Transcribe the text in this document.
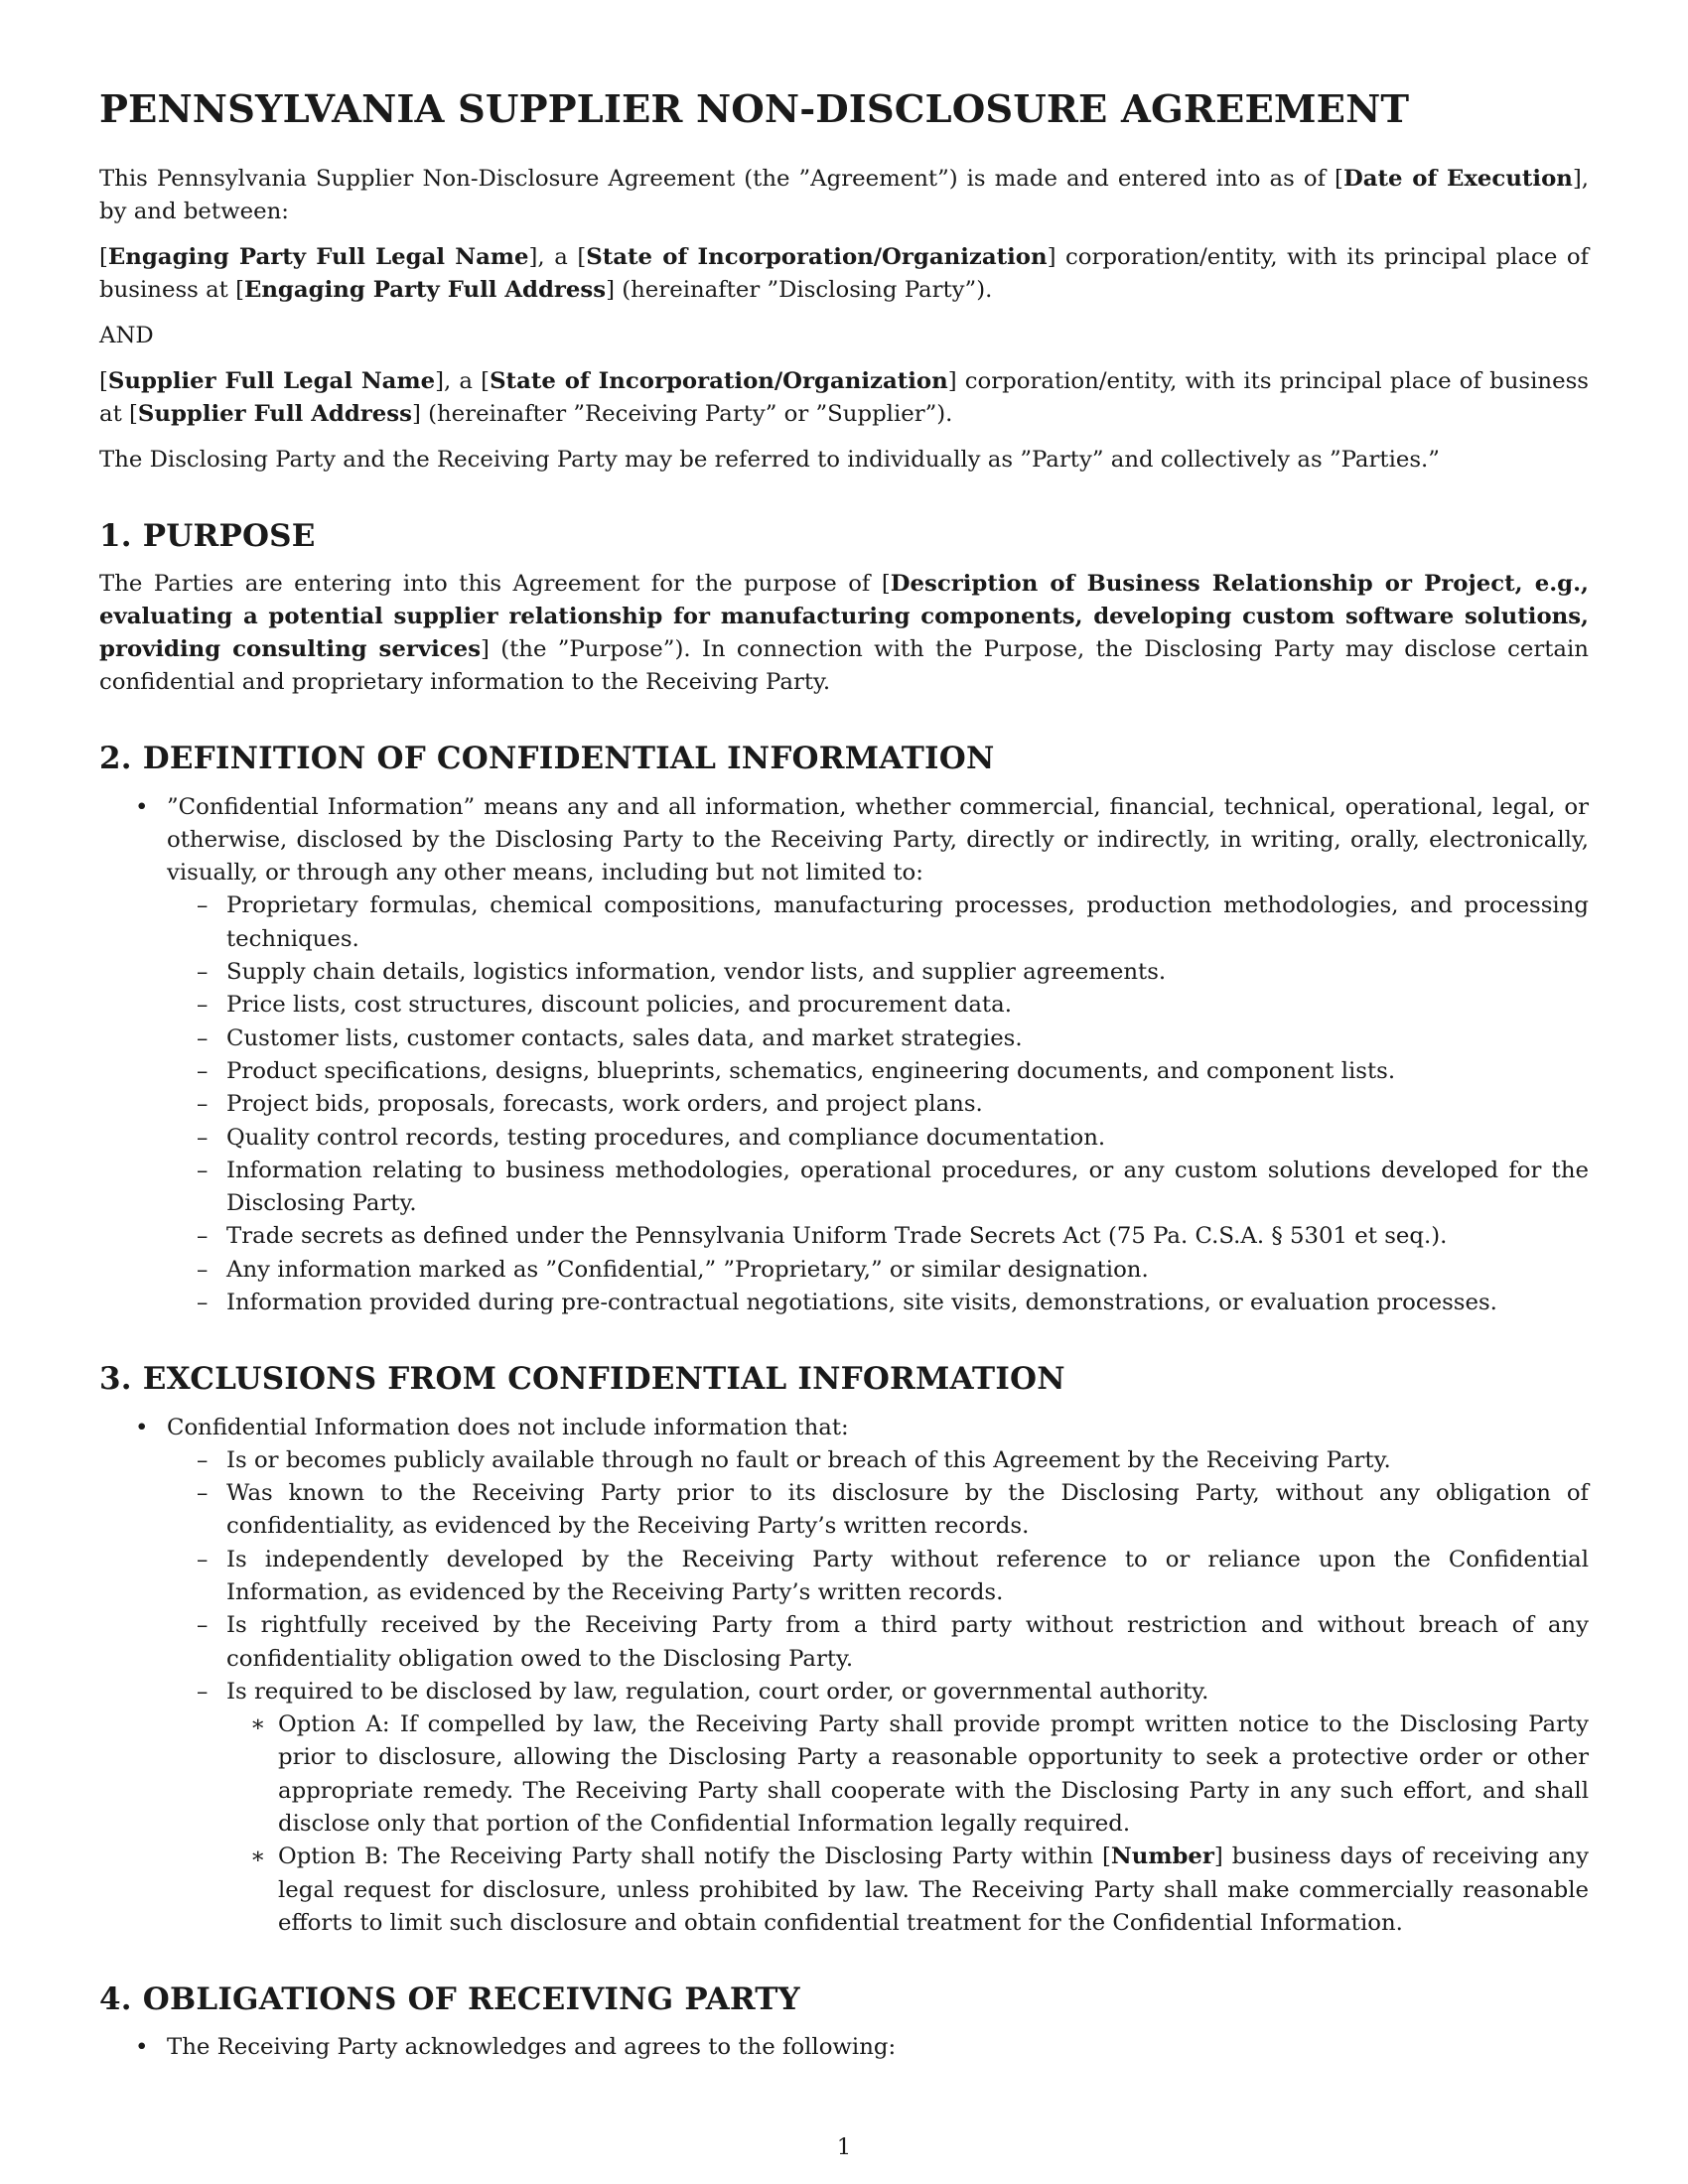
PENNSYLVANIA SUPPLIER NON-DISCLOSURE AGREEMENT

This Pennsylvania Supplier Non-Disclosure Agreement (the ”Agreement”) is made and entered into as of [Date of Execution], by and between:

[Engaging Party Full Legal Name], a [State of Incorporation/Organization] corporation/entity, with its principal place of business at [Engaging Party Full Address] (hereinafter ”Disclosing Party”).

AND

[Supplier Full Legal Name], a [State of Incorporation/Organization] corporation/entity, with its principal place of business at [Supplier Full Address] (hereinafter ”Receiving Party” or ”Supplier”).

The Disclosing Party and the Receiving Party may be referred to individually as ”Party” and collectively as ”Parties.”

1. PURPOSE

The Parties are entering into this Agreement for the purpose of [Description of Business Relationship or Project, e.g., evaluating a potential supplier relationship for manufacturing components, developing custom software solutions, providing consulting services] (the ”Purpose”). In connection with the Purpose, the Disclosing Party may disclose certain confidential and proprietary information to the Receiving Party.

2. DEFINITION OF CONFIDENTIAL INFORMATION
• ”Confidential Information” means any and all information, whether commercial, financial, technical, operational, legal, or otherwise, disclosed by the Disclosing Party to the Receiving Party, directly or indirectly, in writing, orally, electronically, visually, or through any other means, including but not limited to:
– Proprietary formulas, chemical compositions, manufacturing processes, production methodologies, and processing techniques.
– Supply chain details, logistics information, vendor lists, and supplier agreements.
– Price lists, cost structures, discount policies, and procurement data.
– Customer lists, customer contacts, sales data, and market strategies.
– Product specifications, designs, blueprints, schematics, engineering documents, and component lists.
– Project bids, proposals, forecasts, work orders, and project plans.
– Quality control records, testing procedures, and compliance documentation.
– Information relating to business methodologies, operational procedures, or any custom solutions developed for the Disclosing Party.
– Trade secrets as defined under the Pennsylvania Uniform Trade Secrets Act (75 Pa. C.S.A. § 5301 et seq.).
– Any information marked as ”Confidential,” ”Proprietary,” or similar designation.
– Information provided during pre-contractual negotiations, site visits, demonstrations, or evaluation processes.
3. EXCLUSIONS FROM CONFIDENTIAL INFORMATION
• Confidential Information does not include information that:
– Is or becomes publicly available through no fault or breach of this Agreement by the Receiving Party.
– Was known to the Receiving Party prior to its disclosure by the Disclosing Party, without any obligation of confidentiality, as evidenced by the Receiving Party’s written records.
– Is independently developed by the Receiving Party without reference to or reliance upon the Confidential Information, as evidenced by the Receiving Party’s written records.
– Is rightfully received by the Receiving Party from a third party without restriction and without breach of any confidentiality obligation owed to the Disclosing Party.
– Is required to be disclosed by law, regulation, court order, or governmental authority.
∗ Option A: If compelled by law, the Receiving Party shall provide prompt written notice to the Disclosing Party prior to disclosure, allowing the Disclosing Party a reasonable opportunity to seek a protective order or other appropriate remedy. The Receiving Party shall cooperate with the Disclosing Party in any such effort, and shall disclose only that portion of the Confidential Information legally required.
∗ Option B: The Receiving Party shall notify the Disclosing Party within [Number] business days of receiving any legal request for disclosure, unless prohibited by law. The Receiving Party shall make commercially reasonable efforts to limit such disclosure and obtain confidential treatment for the Confidential Information.
4. OBLIGATIONS OF RECEIVING PARTY
• The Receiving Party acknowledges and agrees to the following:
1
